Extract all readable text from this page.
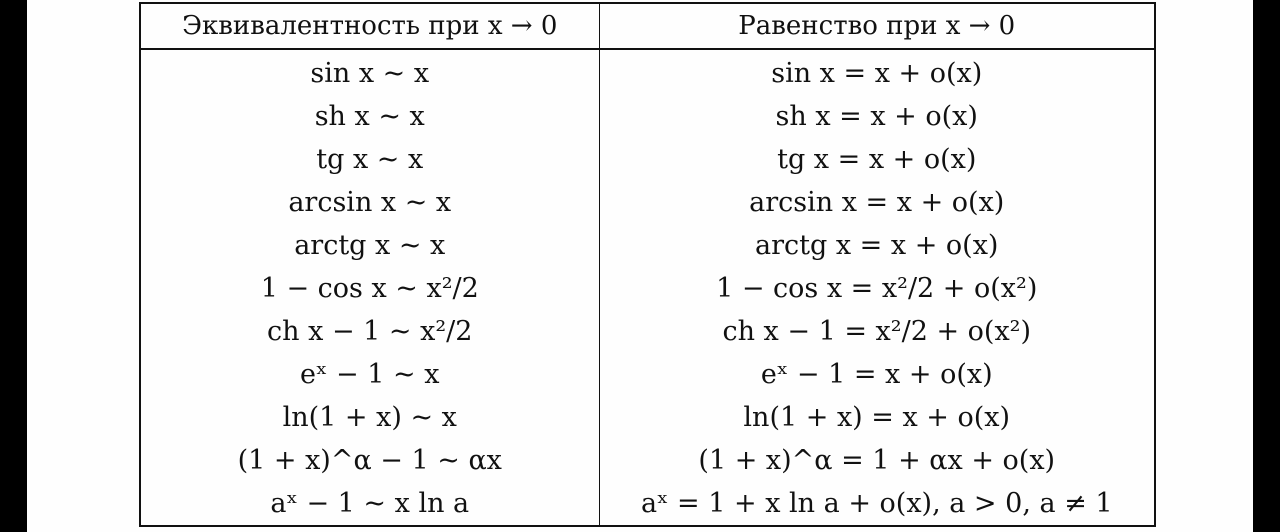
Эквивалентность при x → 0	Равенство при x → 0
sin x ~ x	sin x = x + o(x)
sh x ~ x	sh x = x + o(x)
tg x ~ x	tg x = x + o(x)
arcsin x ~ x	arcsin x = x + o(x)
arctg x ~ x	arctg x = x + o(x)
1 − cos x ~ x²/2	1 − cos x = x²/2 + o(x²)
ch x − 1 ~ x²/2	ch x − 1 = x²/2 + o(x²)
eˣ − 1 ~ x	eˣ − 1 = x + o(x)
ln(1 + x) ~ x	ln(1 + x) = x + o(x)
(1 + x)^α − 1 ~ αx	(1 + x)^α = 1 + αx + o(x)
aˣ − 1 ~ x ln a	aˣ = 1 + x ln a + o(x), a > 0, a ≠ 1
